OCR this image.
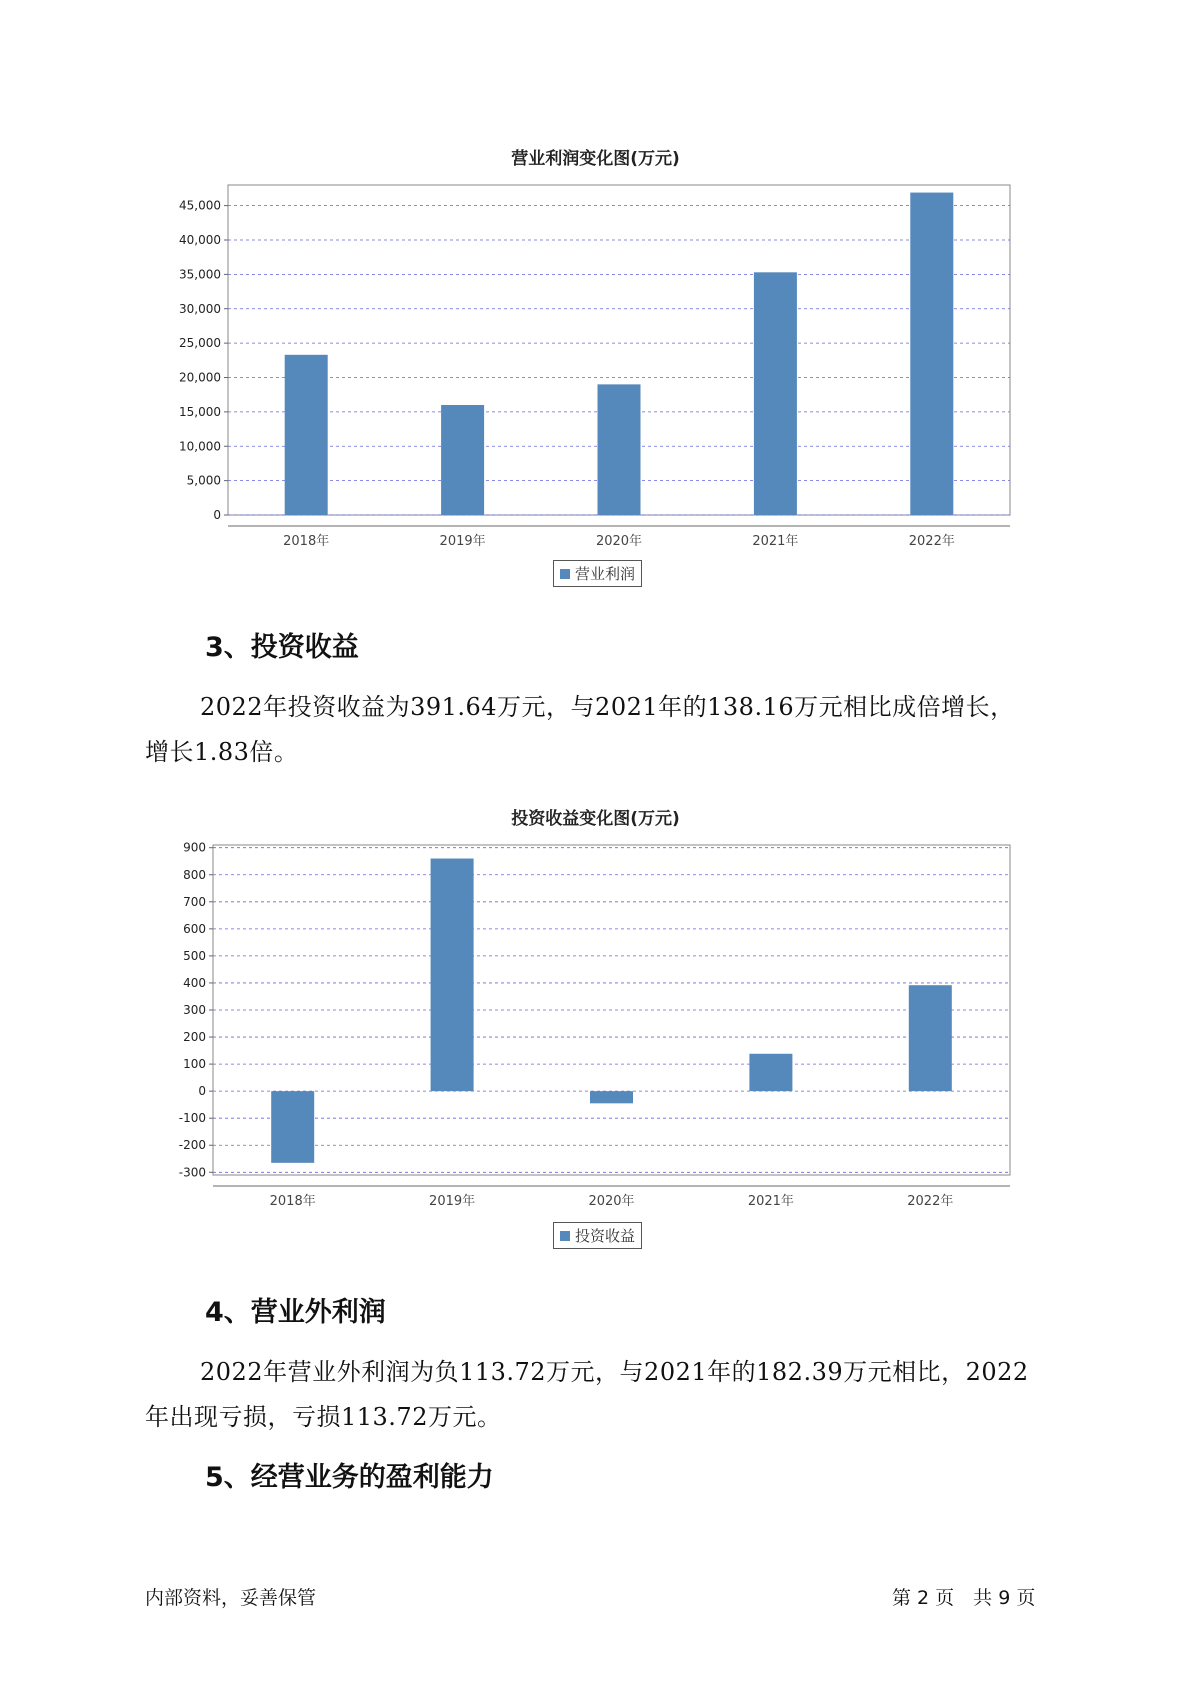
营业利润变化图(万元)
0
5,000
10,000
15,000
20,000
25,000
30,000
35,000
40,000
45,000
2018年	2019年	2020年	2021年	2022年
营业利润
3、投资收益
2022年投资收益为391.64万元，与2021年的138.16万元相比成倍增长，
增长1.83倍。
投资收益变化图(万元)
-300
-200
-100
0
100
200
300
400
500
600
700
800
900
2018年	2019年	2020年	2021年	2022年
投资收益
4、营业外利润
2022年营业外利润为负113.72万元，与2021年的182.39万元相比，2022
年出现亏损，亏损113.72万元。
5、经营业务的盈利能力
内部资料，妥善保管	第 2 页　共 9 页
